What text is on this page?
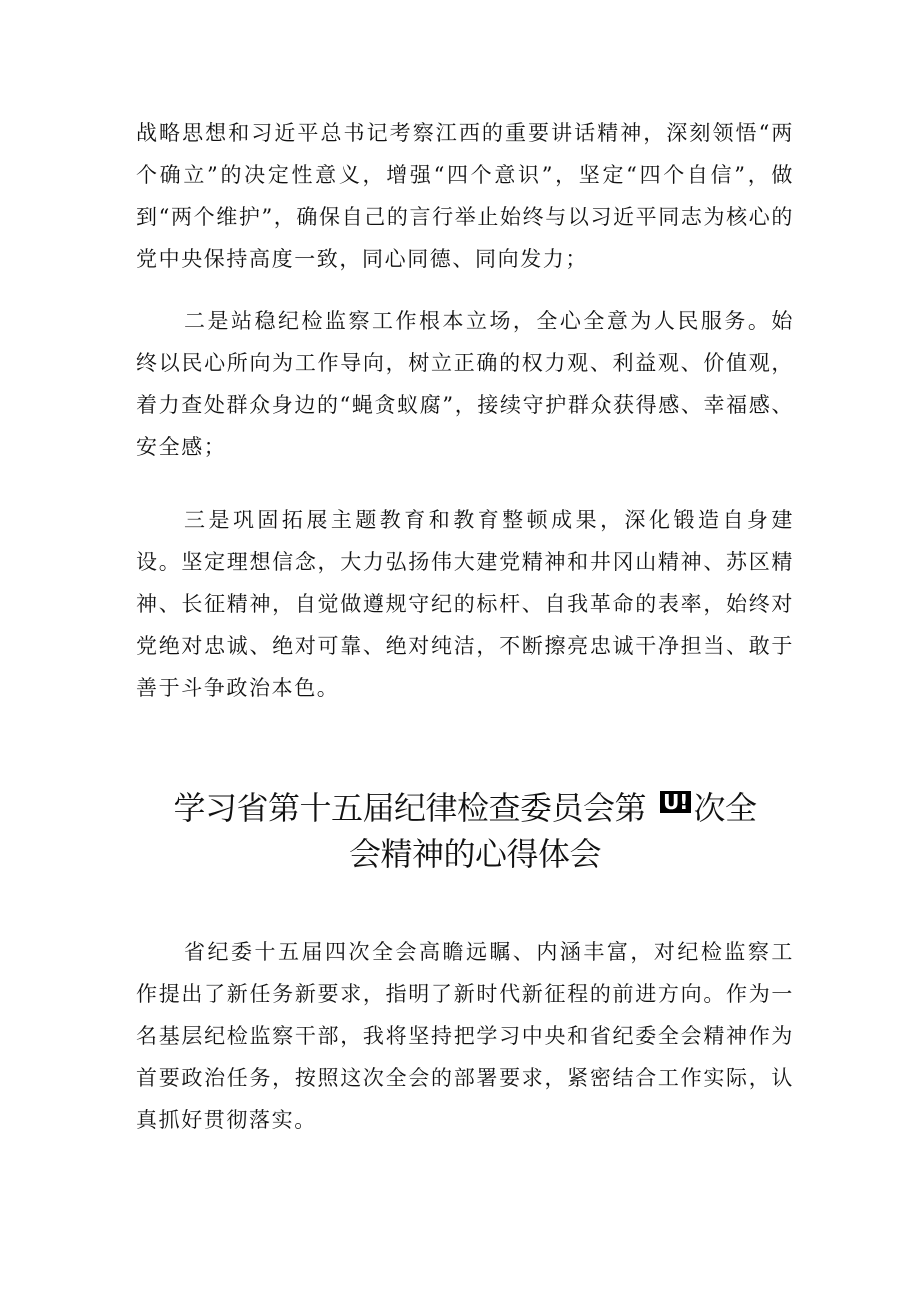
战略思想和习近平总书记考察江西的重要讲话精神，深刻领悟“两个确立”的决定性意义，增强“四个意识”，坚定“四个自信”，做到“两个维护”，确保自己的言行举止始终与以习近平同志为核心的党中央保持高度一致，同心同德、同向发力；

二是站稳纪检监察工作根本立场，全心全意为人民服务。始终以民心所向为工作导向，树立正确的权力观、利益观、价值观，着力查处群众身边的“蝇贪蚁腐”，接续守护群众获得感、幸福感、安全感；

三是巩固拓展主题教育和教育整顿成果，深化锻造自身建设。坚定理想信念，大力弘扬伟大建党精神和井冈山精神、苏区精神、长征精神，自觉做遵规守纪的标杆、自我革命的表率，始终对党绝对忠诚、绝对可靠、绝对纯洁，不断擦亮忠诚干净担当、敢于善于斗争政治本色。

学习省第十五届纪律检查委员会第 U! 次全
会精神的心得体会

省纪委十五届四次全会高瞻远瞩、内涵丰富，对纪检监察工作提出了新任务新要求，指明了新时代新征程的前进方向。作为一名基层纪检监察干部，我将坚持把学习中央和省纪委全会精神作为首要政治任务，按照这次全会的部署要求，紧密结合工作实际，认真抓好贯彻落实。
